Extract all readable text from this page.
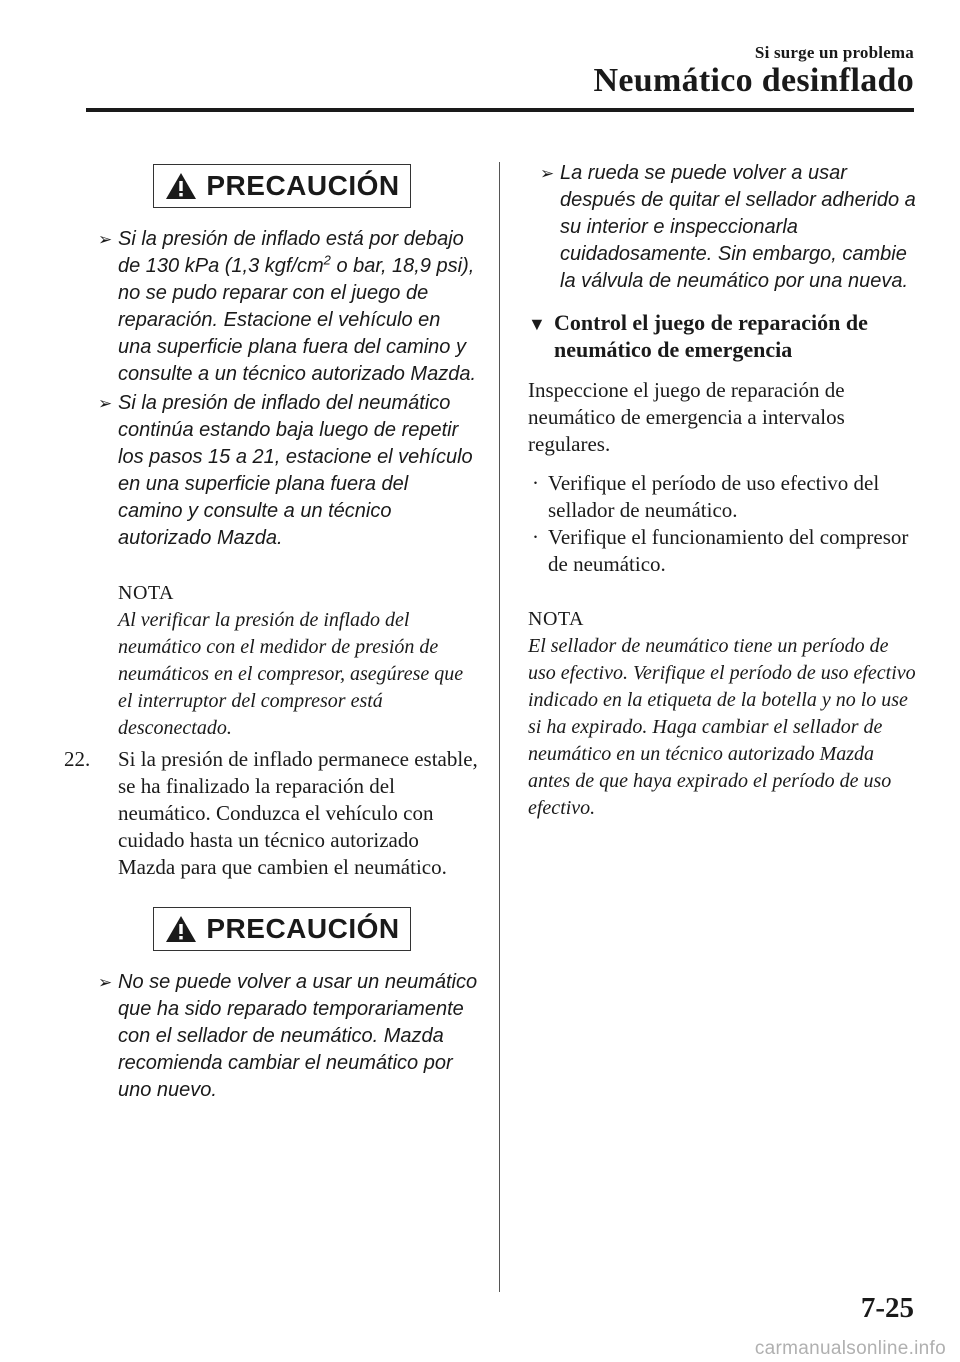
Si surge un problema
Neumático desinflado
PRECAUCIÓN
➢ Si la presión de inflado está por debajo de 130 kPa (1,3 kgf/$cm^2$ o bar, 18,9 psi), no se pudo reparar con el juego de reparación. Estacione el vehículo en una superficie plana fuera del camino y consulte a un técnico autorizado Mazda.
➢ Si la presión de inflado del neumático continúa estando baja luego de repetir los pasos 15 a 21, estacione el vehículo en una superficie plana fuera del camino y consulte a un técnico autorizado Mazda.
NOTA
Al verificar la presión de inflado del neumático con el medidor de presión de neumáticos en el compresor, asegúrese que el interruptor del compresor está desconectado.
22. Si la presión de inflado permanece estable, se ha finalizado la reparación del neumático. Conduzca el vehículo con cuidado hasta un técnico autorizado Mazda para que cambien el neumático.
PRECAUCIÓN
➢ No se puede volver a usar un neumático que ha sido reparado temporariamente con el sellador de neumático. Mazda recomienda cambiar el neumático por uno nuevo.
➢ La rueda se puede volver a usar después de quitar el sellador adherido a su interior e inspeccionarla cuidadosamente. Sin embargo, cambie la válvula de neumático por una nueva.
▼ Control el juego de reparación de neumático de emergencia
Inspeccione el juego de reparación de neumático de emergencia a intervalos regulares.
· Verifique el período de uso efectivo del sellador de neumático.
· Verifique el funcionamiento del compresor de neumático.
NOTA
El sellador de neumático tiene un período de uso efectivo. Verifique el período de uso efectivo indicado en la etiqueta de la botella y no lo use si ha expirado. Haga cambiar el sellador de neumático en un técnico autorizado Mazda antes de que haya expirado el período de uso efectivo.
7-25
carmanualsonline.info
